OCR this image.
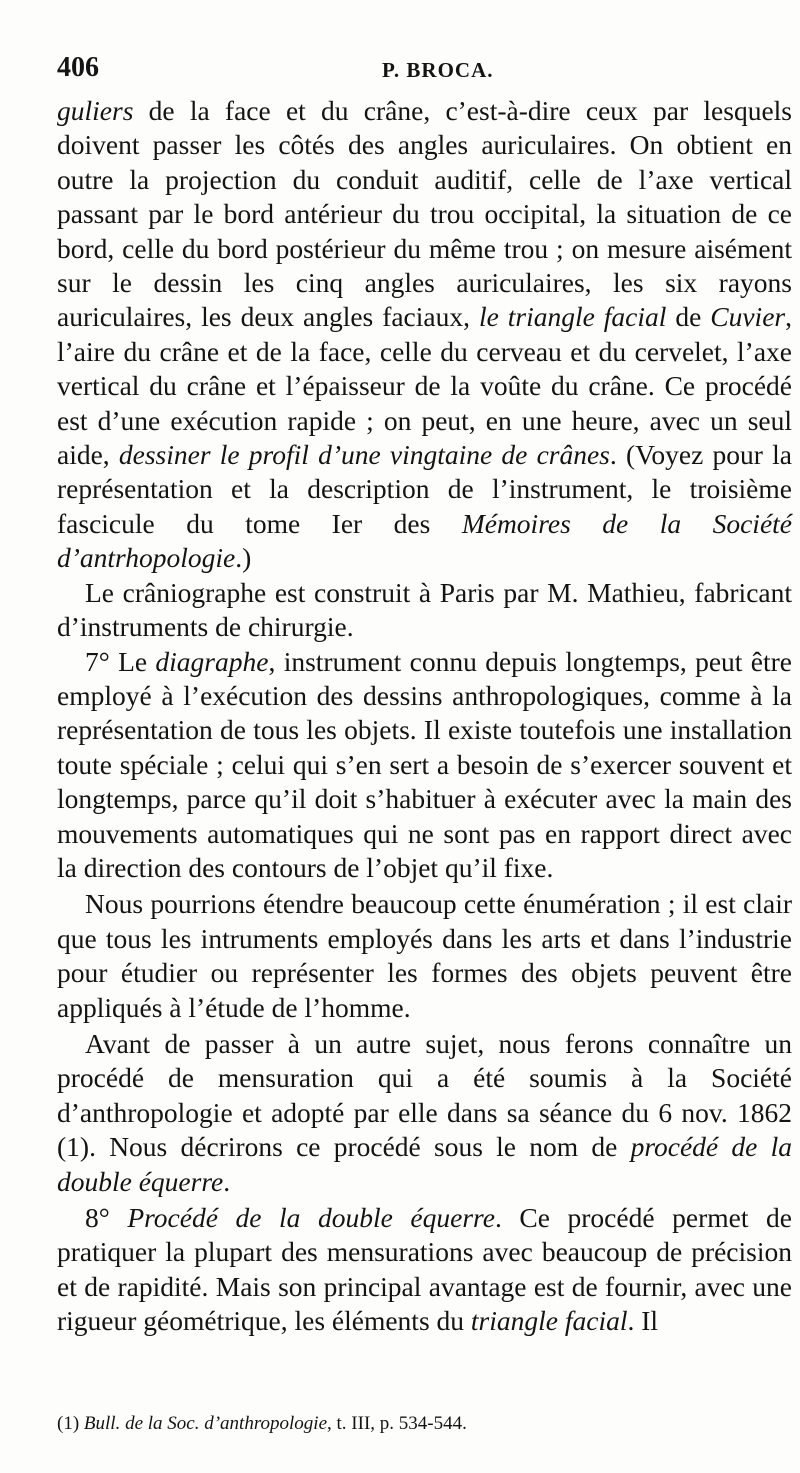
406	P. BROCA.

guliers de la face et du crâne, c’est-à-dire ceux par lesquels doivent passer les côtés des angles auriculaires. On obtient en outre la projection du conduit auditif, celle de l’axe vertical passant par le bord antérieur du trou occipital, la situation de ce bord, celle du bord postérieur du même trou ; on mesure aisément sur le dessin les cinq angles auriculaires, les six rayons auriculaires, les deux angles faciaux, le triangle facial de Cuvier, l’aire du crâne et de la face, celle du cerveau et du cervelet, l’axe vertical du crâne et l’épaisseur de la voûte du crâne. Ce procédé est d’une exécution rapide ; on peut, en une heure, avec un seul aide, dessiner le profil d’une vingtaine de crânes. (Voyez pour la représentation et la description de l’instrument, le troisième fascicule du tome Ier des Mémoires de la Société d’antrhopologie.)

Le crâniographe est construit à Paris par M. Mathieu, fabricant d’instruments de chirurgie.

7° Le diagraphe, instrument connu depuis longtemps, peut être employé à l’exécution des dessins anthropologiques, comme à la représentation de tous les objets. Il existe toutefois une installation toute spéciale ; celui qui s’en sert a besoin de s’exercer souvent et longtemps, parce qu’il doit s’habituer à exécuter avec la main des mouvements automatiques qui ne sont pas en rapport direct avec la direction des contours de l’objet qu’il fixe.

Nous pourrions étendre beaucoup cette énumération ; il est clair que tous les intruments employés dans les arts et dans l’industrie pour étudier ou représenter les formes des objets peuvent être appliqués à l’étude de l’homme.

Avant de passer à un autre sujet, nous ferons connaître un procédé de mensuration qui a été soumis à la Société d’anthropologie et adopté par elle dans sa séance du 6 nov. 1862 (1). Nous décrirons ce procédé sous le nom de procédé de la double équerre.

8° Procédé de la double équerre. Ce procédé permet de pratiquer la plupart des mensurations avec beaucoup de précision et de rapidité. Mais son principal avantage est de fournir, avec une rigueur géométrique, les éléments du triangle facial. Il

(1) Bull. de la Soc. d’anthropologie, t. III, p. 534-544.
